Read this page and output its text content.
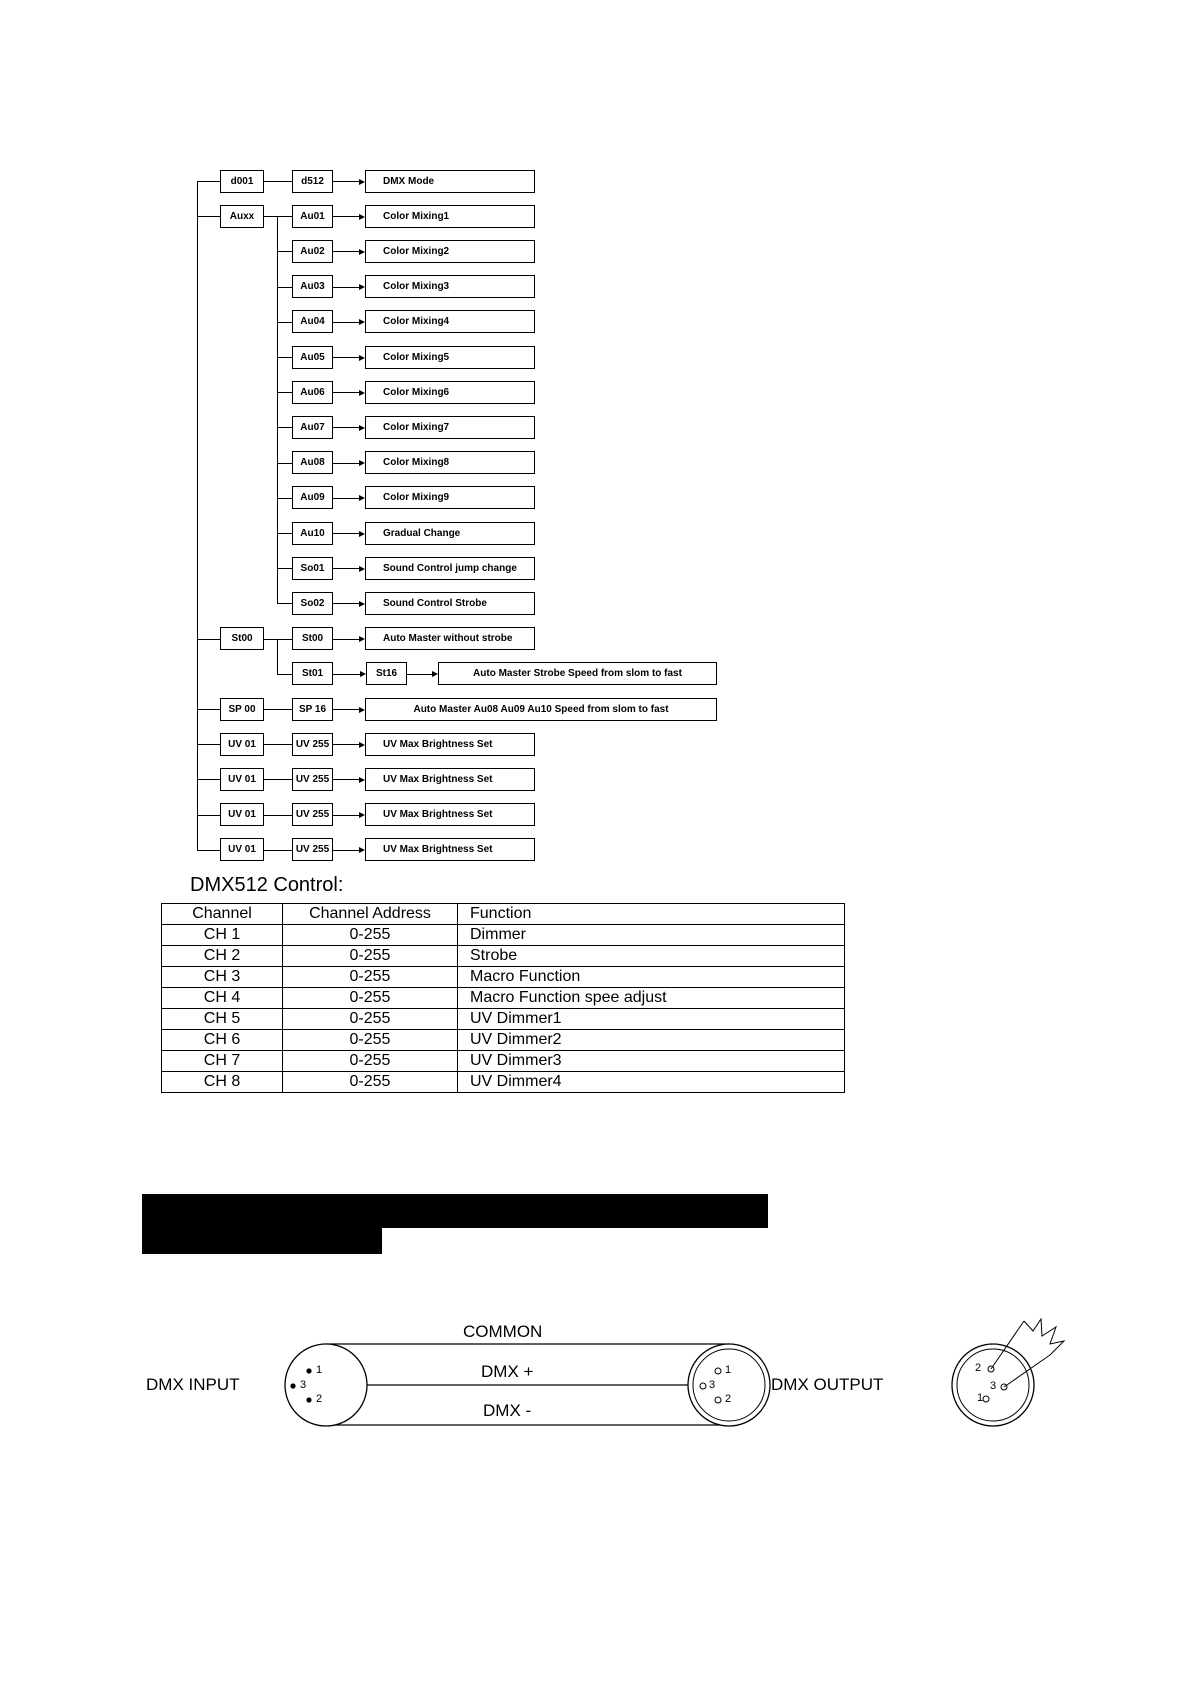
d001	d512	DMX Mode
Auxx	Au01	Color Mixing1
Au02	Color Mixing2
Au03	Color Mixing3
Au04	Color Mixing4
Au05	Color Mixing5
Au06	Color Mixing6
Au07	Color Mixing7
Au08	Color Mixing8
Au09	Color Mixing9
Au10	Gradual Change
So01	Sound Control jump change
So02	Sound Control Strobe
St00	St00	Auto Master without strobe
St01	St16	Auto Master Strobe Speed from slom to fast
SP 00	SP 16	Auto Master Au08 Au09 Au10 Speed from slom to fast
UV 01	UV 255	UV Max Brightness Set
UV 01	UV 255	UV Max Brightness Set
UV 01	UV 255	UV Max Brightness Set
UV 01	UV 255	UV Max Brightness Set
DMX512 Control:
Channel	Channel Address	Function
CH 1	0-255	Dimmer
CH 2	0-255	Strobe
CH 3	0-255	Macro Function
CH 4	0-255	Macro Function spee adjust
CH 5	0-255	UV Dimmer1
CH 6	0-255	UV Dimmer2
CH 7	0-255	UV Dimmer3
CH 8	0-255	UV Dimmer4
COMMON
DMX +
DMX -
DMX INPUT	DMX OUTPUT
1
3
2
1
3
2
2
3
1
